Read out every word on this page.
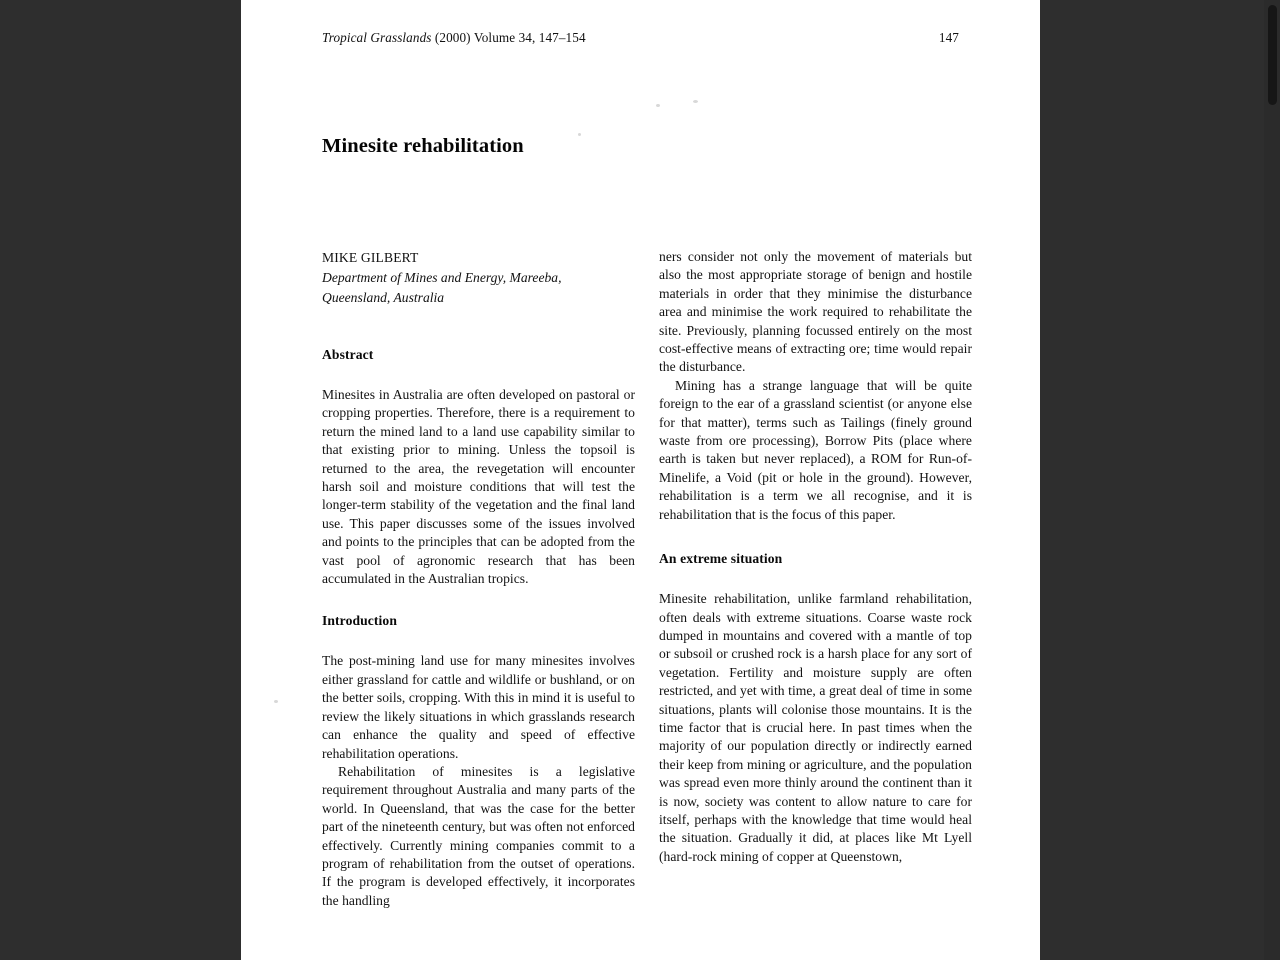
Tropical Grasslands (2000) Volume 34, 147–154	147
Minesite rehabilitation
MIKE GILBERT
Department of Mines and Energy, Mareeba,
Queensland, Australia
Abstract

Minesites in Australia are often developed on pastoral or cropping properties. Therefore, there is a requirement to return the mined land to a land use capability similar to that existing prior to mining. Unless the topsoil is returned to the area, the revegetation will encounter harsh soil and moisture conditions that will test the longer-term stability of the vegetation and the final land use. This paper discusses some of the issues involved and points to the principles that can be adopted from the vast pool of agronomic research that has been accumulated in the Australian tropics.

Introduction

The post-mining land use for many minesites involves either grassland for cattle and wildlife or bushland, or on the better soils, cropping. With this in mind it is useful to review the likely situations in which grasslands research can enhance the quality and speed of effective rehabilitation operations.

Rehabilitation of minesites is a legislative requirement throughout Australia and many parts of the world. In Queensland, that was the case for the better part of the nineteenth century, but was often not enforced effectively. Currently mining companies commit to a program of rehabilitation from the outset of operations. If the program is developed effectively, it incorporates the handling

ners consider not only the movement of materials but also the most appropriate storage of benign and hostile materials in order that they minimise the disturbance area and minimise the work required to rehabilitate the site. Previously, planning focussed entirely on the most cost-effective means of extracting ore; time would repair the disturbance.

Mining has a strange language that will be quite foreign to the ear of a grassland scientist (or anyone else for that matter), terms such as Tailings (finely ground waste from ore processing), Borrow Pits (place where earth is taken but never replaced), a ROM for Run-of-Minelife, a Void (pit or hole in the ground). However, rehabilitation is a term we all recognise, and it is rehabilitation that is the focus of this paper.

An extreme situation

Minesite rehabilitation, unlike farmland rehabilitation, often deals with extreme situations. Coarse waste rock dumped in mountains and covered with a mantle of top or subsoil or crushed rock is a harsh place for any sort of vegetation. Fertility and moisture supply are often restricted, and yet with time, a great deal of time in some situations, plants will colonise those mountains. It is the time factor that is crucial here. In past times when the majority of our population directly or indirectly earned their keep from mining or agriculture, and the population was spread even more thinly around the continent than it is now, society was content to allow nature to care for itself, perhaps with the knowledge that time would heal the situation. Gradually it did, at places like Mt Lyell (hard-rock mining of copper at Queenstown,
